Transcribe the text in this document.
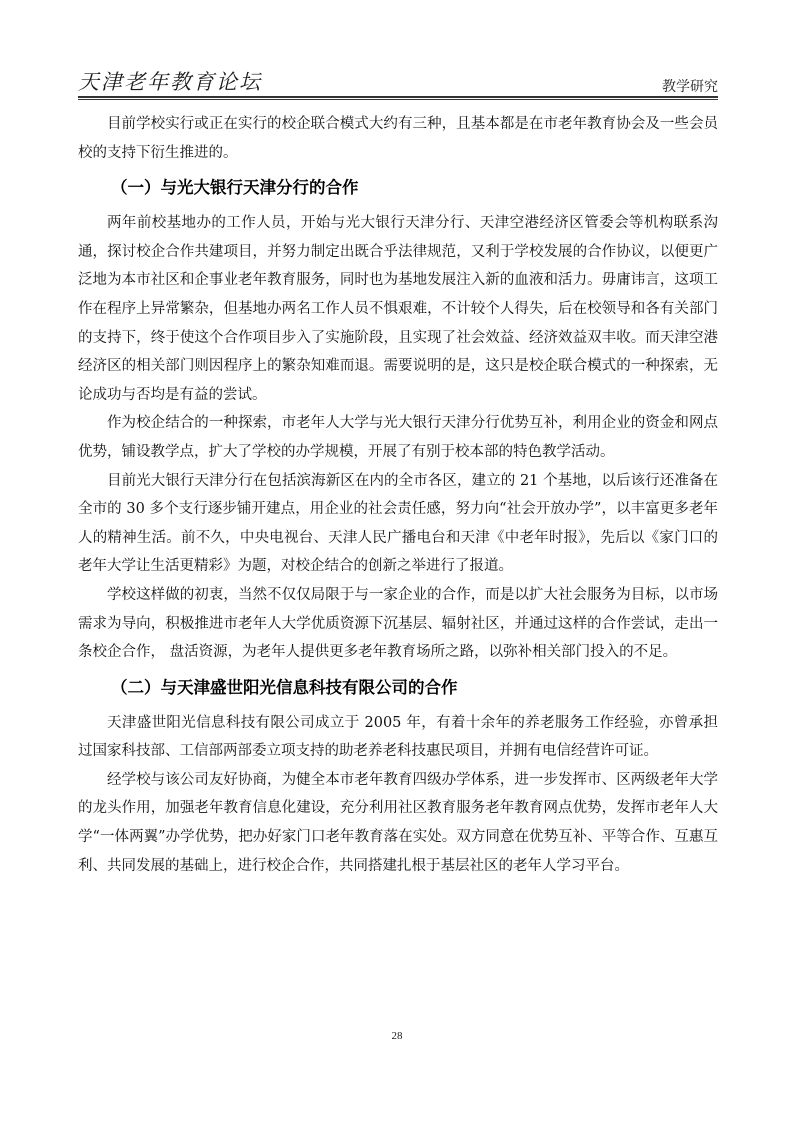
天津老年教育论坛	教学研究

目前学校实行或正在实行的校企联合模式大约有三种，且基本都是在市老年教育协会及一些会员校的支持下衍生推进的。

（一）与光大银行天津分行的合作

两年前校基地办的工作人员，开始与光大银行天津分行、天津空港经济区管委会等机构联系沟通，探讨校企合作共建项目，并努力制定出既合乎法律规范，又利于学校发展的合作协议，以便更广泛地为本市社区和企事业老年教育服务，同时也为基地发展注入新的血液和活力。毋庸讳言，这项工作在程序上异常繁杂，但基地办两名工作人员不惧艰难，不计较个人得失，后在校领导和各有关部门的支持下，终于使这个合作项目步入了实施阶段，且实现了社会效益、经济效益双丰收。而天津空港经济区的相关部门则因程序上的繁杂知难而退。需要说明的是，这只是校企联合模式的一种探索，无论成功与否均是有益的尝试。

作为校企结合的一种探索，市老年人大学与光大银行天津分行优势互补，利用企业的资金和网点优势，铺设教学点，扩大了学校的办学规模，开展了有别于校本部的特色教学活动。

目前光大银行天津分行在包括滨海新区在内的全市各区，建立的 21 个基地，以后该行还准备在全市的 30 多个支行逐步铺开建点，用企业的社会责任感，努力向“社会开放办学”，以丰富更多老年人的精神生活。前不久，中央电视台、天津人民广播电台和天津《中老年时报》，先后以《家门口的老年大学让生活更精彩》为题，对校企结合的创新之举进行了报道。

学校这样做的初衷，当然不仅仅局限于与一家企业的合作，而是以扩大社会服务为目标，以市场需求为导向，积极推进市老年人大学优质资源下沉基层、辐射社区，并通过这样的合作尝试，走出一条校企合作， 盘活资源，为老年人提供更多老年教育场所之路，以弥补相关部门投入的不足。

（二）与天津盛世阳光信息科技有限公司的合作

天津盛世阳光信息科技有限公司成立于 2005 年，有着十余年的养老服务工作经验，亦曾承担过国家科技部、工信部两部委立项支持的助老养老科技惠民项目，并拥有电信经营许可证。

经学校与该公司友好协商，为健全本市老年教育四级办学体系，进一步发挥市、区两级老年大学的龙头作用，加强老年教育信息化建设，充分利用社区教育服务老年教育网点优势，发挥市老年人大学“一体两翼”办学优势，把办好家门口老年教育落在实处。双方同意在优势互补、平等合作、互惠互利、共同发展的基础上，进行校企合作，共同搭建扎根于基层社区的老年人学习平台。

28
